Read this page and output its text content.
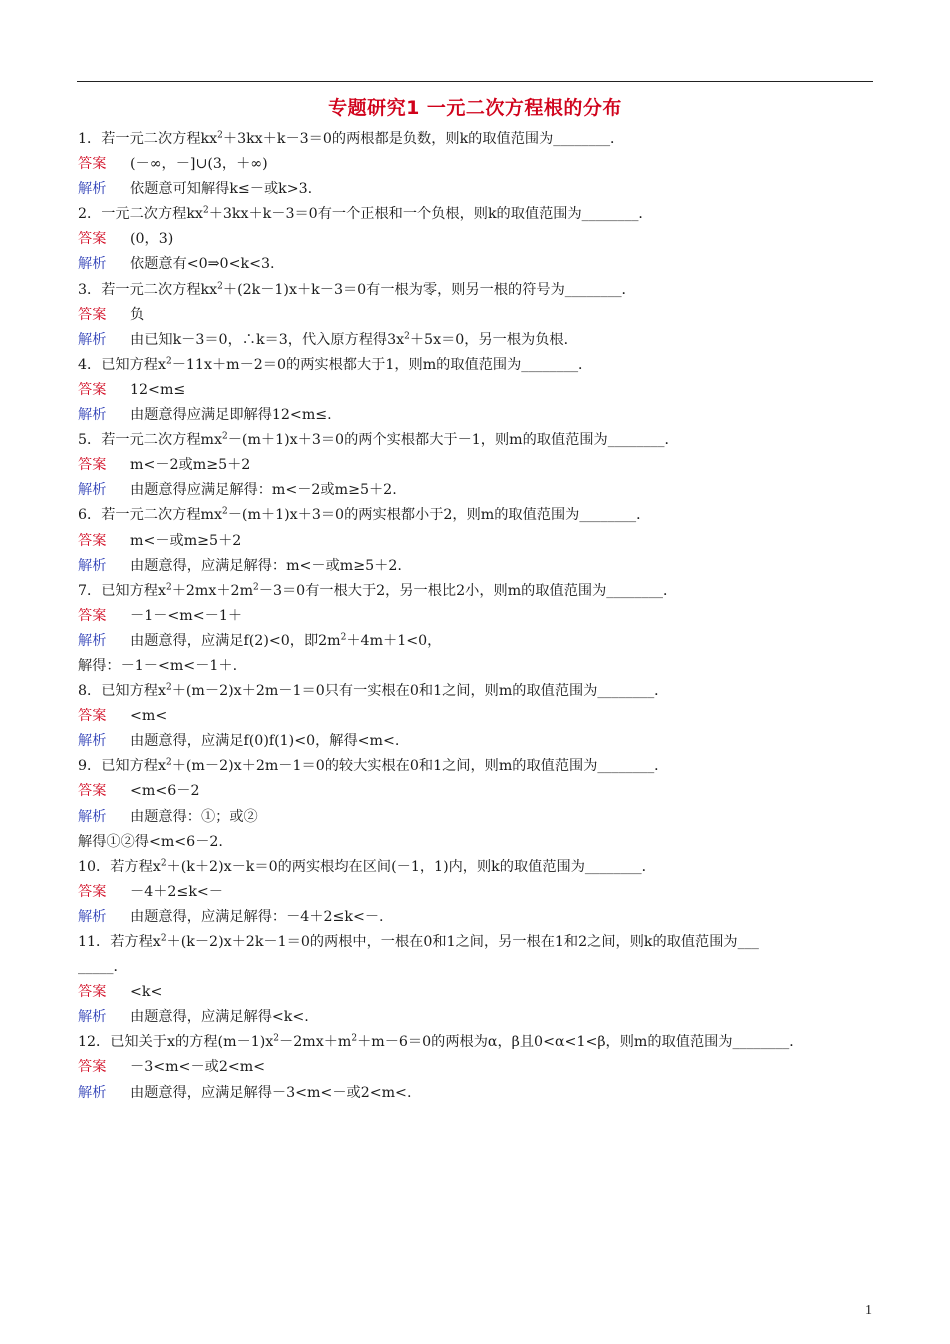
专题研究1 一元二次方程根的分布
1．若一元二次方程$kx^2+3kx+k-3=0$的两根都是负数，则k的取值范围为________．
答案 (－∞，－]∪(3，＋∞)
解析 依题意可知解得k≤－或k>3.
2．一元二次方程$kx^2+3kx+k-3=0$有一个正根和一个负根，则k的取值范围为________．
答案 (0，3)
解析 依题意有<0⇒0<k<3.
3．若一元二次方程$kx^2+(2k-1)x+k-3=0$有一根为零，则另一根的符号为________．
答案 负
解析 由已知k－3＝0，∴k＝3，代入原方程得$3x^2+5x=0$，另一根为负根．
4．已知方程$x^2-11x+m-2=0$的两实根都大于1，则m的取值范围为________．
答案 12<m≤
解析 由题意得应满足即解得12<m≤.
5．若一元二次方程$mx^2-(m+1)x+3=0$的两个实根都大于－1，则m的取值范围为________．
答案 m<－2或m≥5＋2
解析 由题意得应满足解得：m<－2或m≥5＋2.
6．若一元二次方程$mx^2-(m+1)x+3=0$的两实根都小于2，则m的取值范围为________．
答案 m<－或m≥5＋2
解析 由题意得，应满足解得：m<－或m≥5＋2.
7．已知方程$x^2+2mx+2m^2-3=0$有一根大于2，另一根比2小，则m的取值范围为________．
答案 －1－<m<－1＋
解析 由题意得，应满足f(2)<0，即$2m^2+4m+1<0$，
解得：－1－<m<－1＋.
8．已知方程$x^2+(m-2)x+2m-1=0$只有一实根在0和1之间，则m的取值范围为________．
答案 <m<
解析 由题意得，应满足f(0)f(1)<0，解得<m<.
9．已知方程$x^2+(m-2)x+2m-1=0$的较大实根在0和1之间，则m的取值范围为________．
答案 <m<6－2
解析 由题意得：①；或②
解得①②得<m<6－2.
10．若方程$x^2+(k+2)x-k=0$的两实根均在区间(－1，1)内，则k的取值范围为________．
答案 －4＋2≤k<－
解析 由题意得，应满足解得：－4＋2≤k<－.
11．若方程$x^2+(k-2)x+2k-1=0$的两根中，一根在0和1之间，另一根在1和2之间，则k的取值范围为___
_____．
答案 <k<
解析 由题意得，应满足解得<k<.
12．已知关于x的方程$(m-1)x^2-2mx+m^2+m-6=0$的两根为α，β且0<α<1<β，则m的取值范围为________．
答案 －3<m<－或2<m<
解析 由题意得，应满足解得－3<m<－或2<m<.
1
